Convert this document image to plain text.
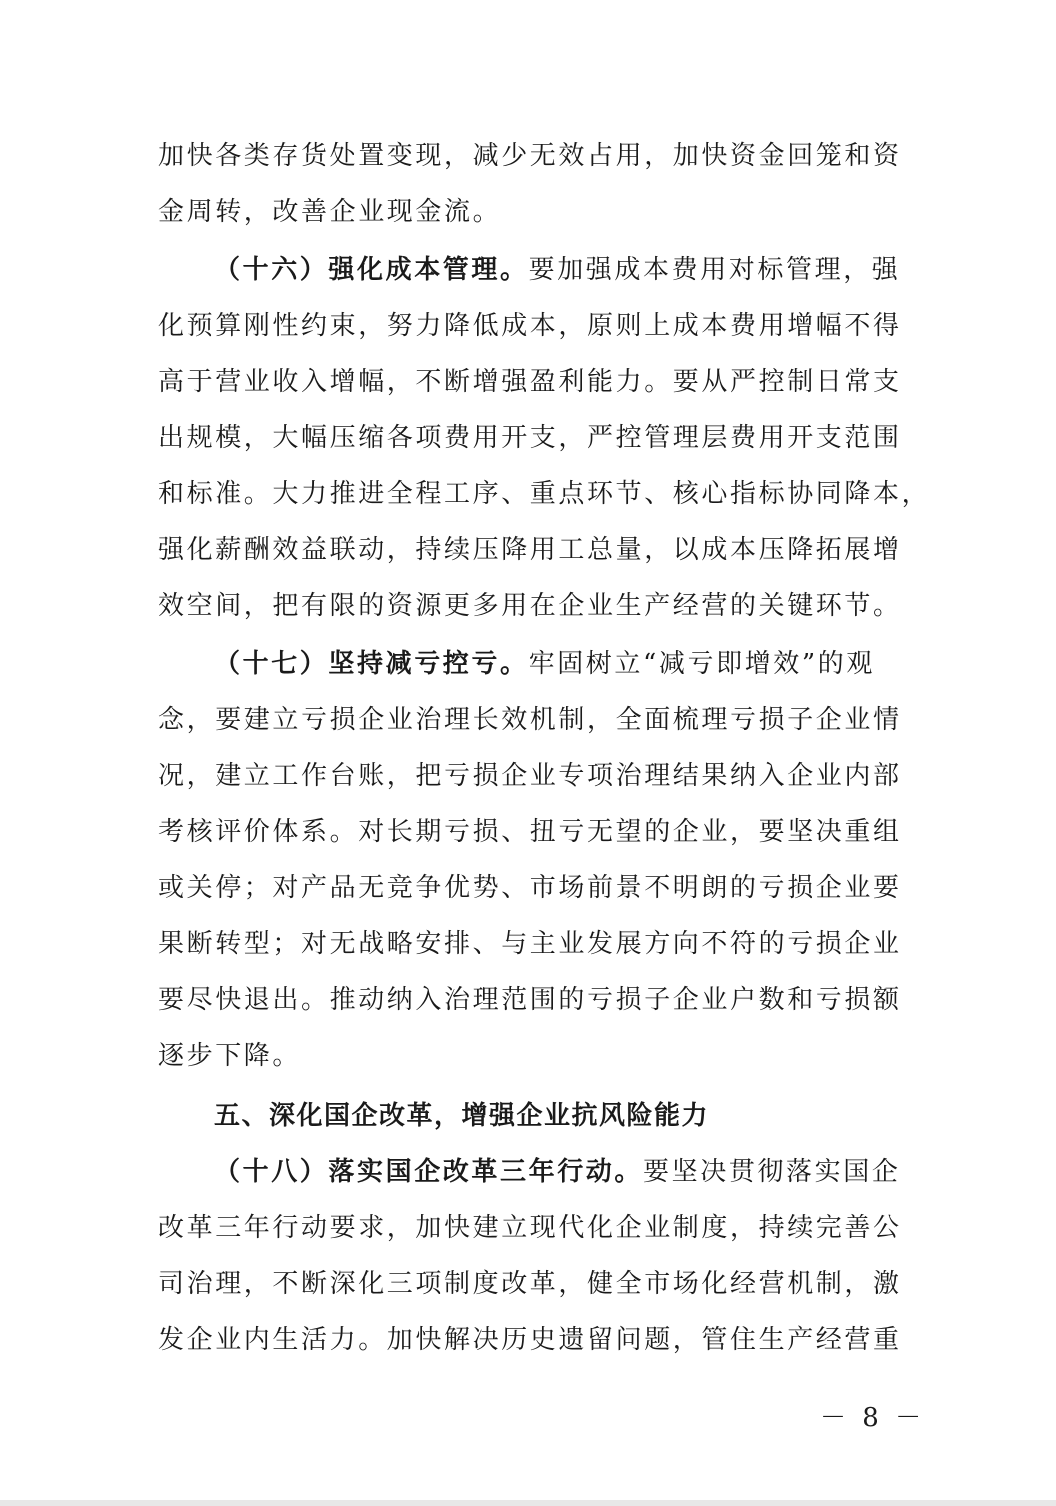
加快各类存货处置变现，减少无效占用，加快资金回笼和资
金周转，改善企业现金流。
（十六）强化成本管理。要加强成本费用对标管理，强
化预算刚性约束，努力降低成本，原则上成本费用增幅不得
高于营业收入增幅，不断增强盈利能力。要从严控制日常支
出规模，大幅压缩各项费用开支，严控管理层费用开支范围
和标准。大力推进全程工序、重点环节、核心指标协同降本，
强化薪酬效益联动，持续压降用工总量，以成本压降拓展增
效空间，把有限的资源更多用在企业生产经营的关键环节。
（十七）坚持减亏控亏。牢固树立“减亏即增效”的观
念，要建立亏损企业治理长效机制，全面梳理亏损子企业情
况，建立工作台账，把亏损企业专项治理结果纳入企业内部
考核评价体系。对长期亏损、扭亏无望的企业，要坚决重组
或关停；对产品无竞争优势、市场前景不明朗的亏损企业要
果断转型；对无战略安排、与主业发展方向不符的亏损企业
要尽快退出。推动纳入治理范围的亏损子企业户数和亏损额
逐步下降。
五、深化国企改革，增强企业抗风险能力
（十八）落实国企改革三年行动。要坚决贯彻落实国企
改革三年行动要求，加快建立现代化企业制度，持续完善公
司治理，不断深化三项制度改革，健全市场化经营机制，激
发企业内生活力。加快解决历史遗留问题，管住生产经营重
－ 8 －
